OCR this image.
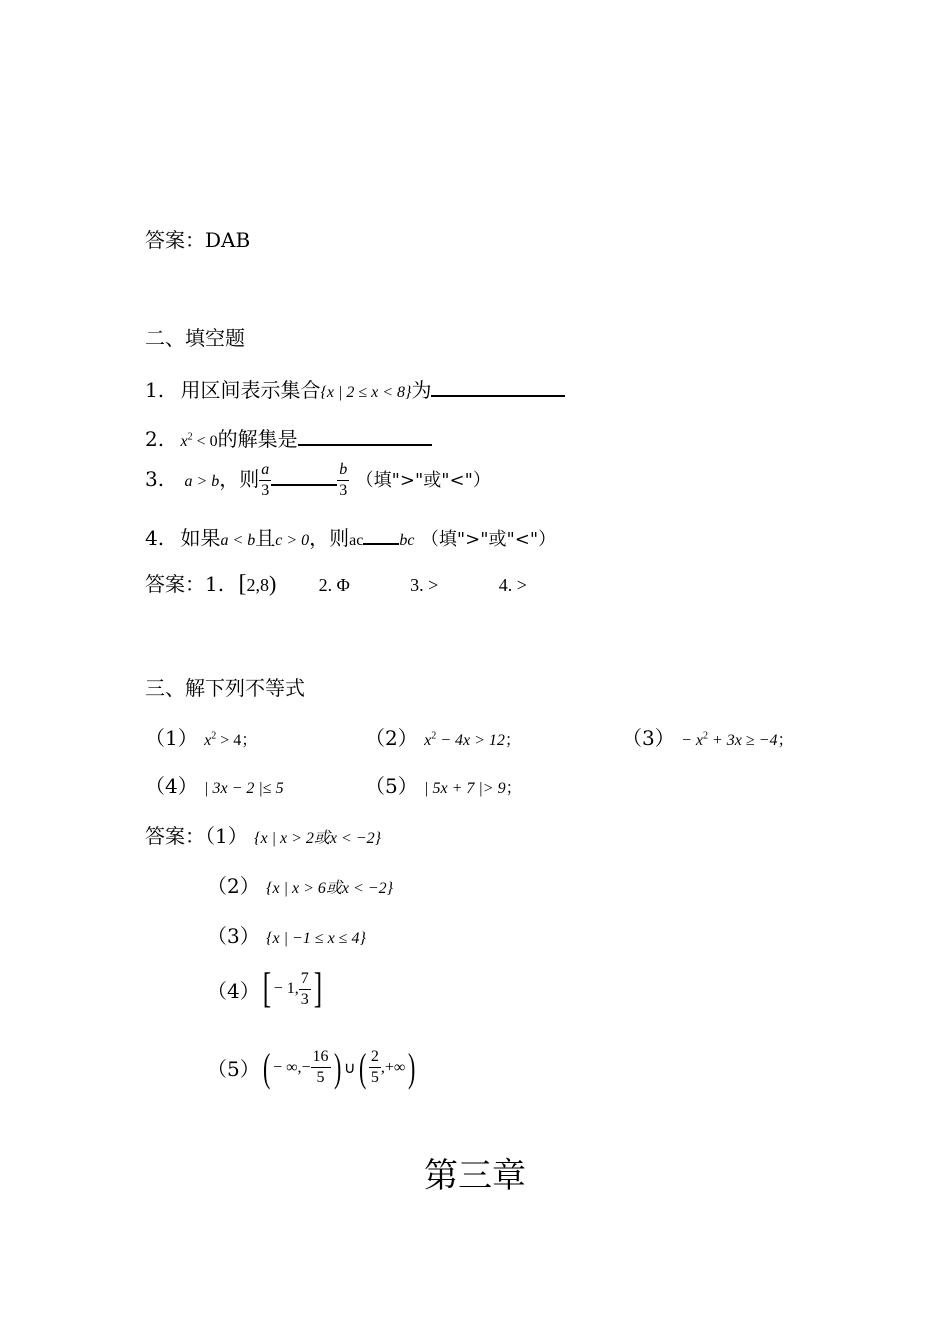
答案：DAB
二、填空题
1. 用区间表示集合{x | 2 ≤ x < 8}为
2. $x^2 < 0$的解集是
3. a > b，则 $\frac{a}{3}$	$\frac{b}{3}$ （填">"或"<"）
4. 如果a < b且c > 0，则ac bc （填">"或"<"）
答案：1. [2,8) 2. Φ	3. >	4. >
三、解下列不等式
（1） $x^2 > 4$；	（2） $x^2 - 4x > 12$；	$(3) - x^2 + 3x \ge -4$；
（4） | 3x − 2 |≤ 5	（5） | 5x + 7 |> 9；
答案：（1） {x | x > 2或x < −2}
（2） {x | x > 6或x < −2}
（3） {x | −1 ≤ x ≤ 4}
（4） [ − 1, $\frac{7}{3}$ ]
（5） ( − ∞,− $\frac{16}{5}$ ) ∪ ( $\frac{2}{5}$ ,+∞ )
第三章
